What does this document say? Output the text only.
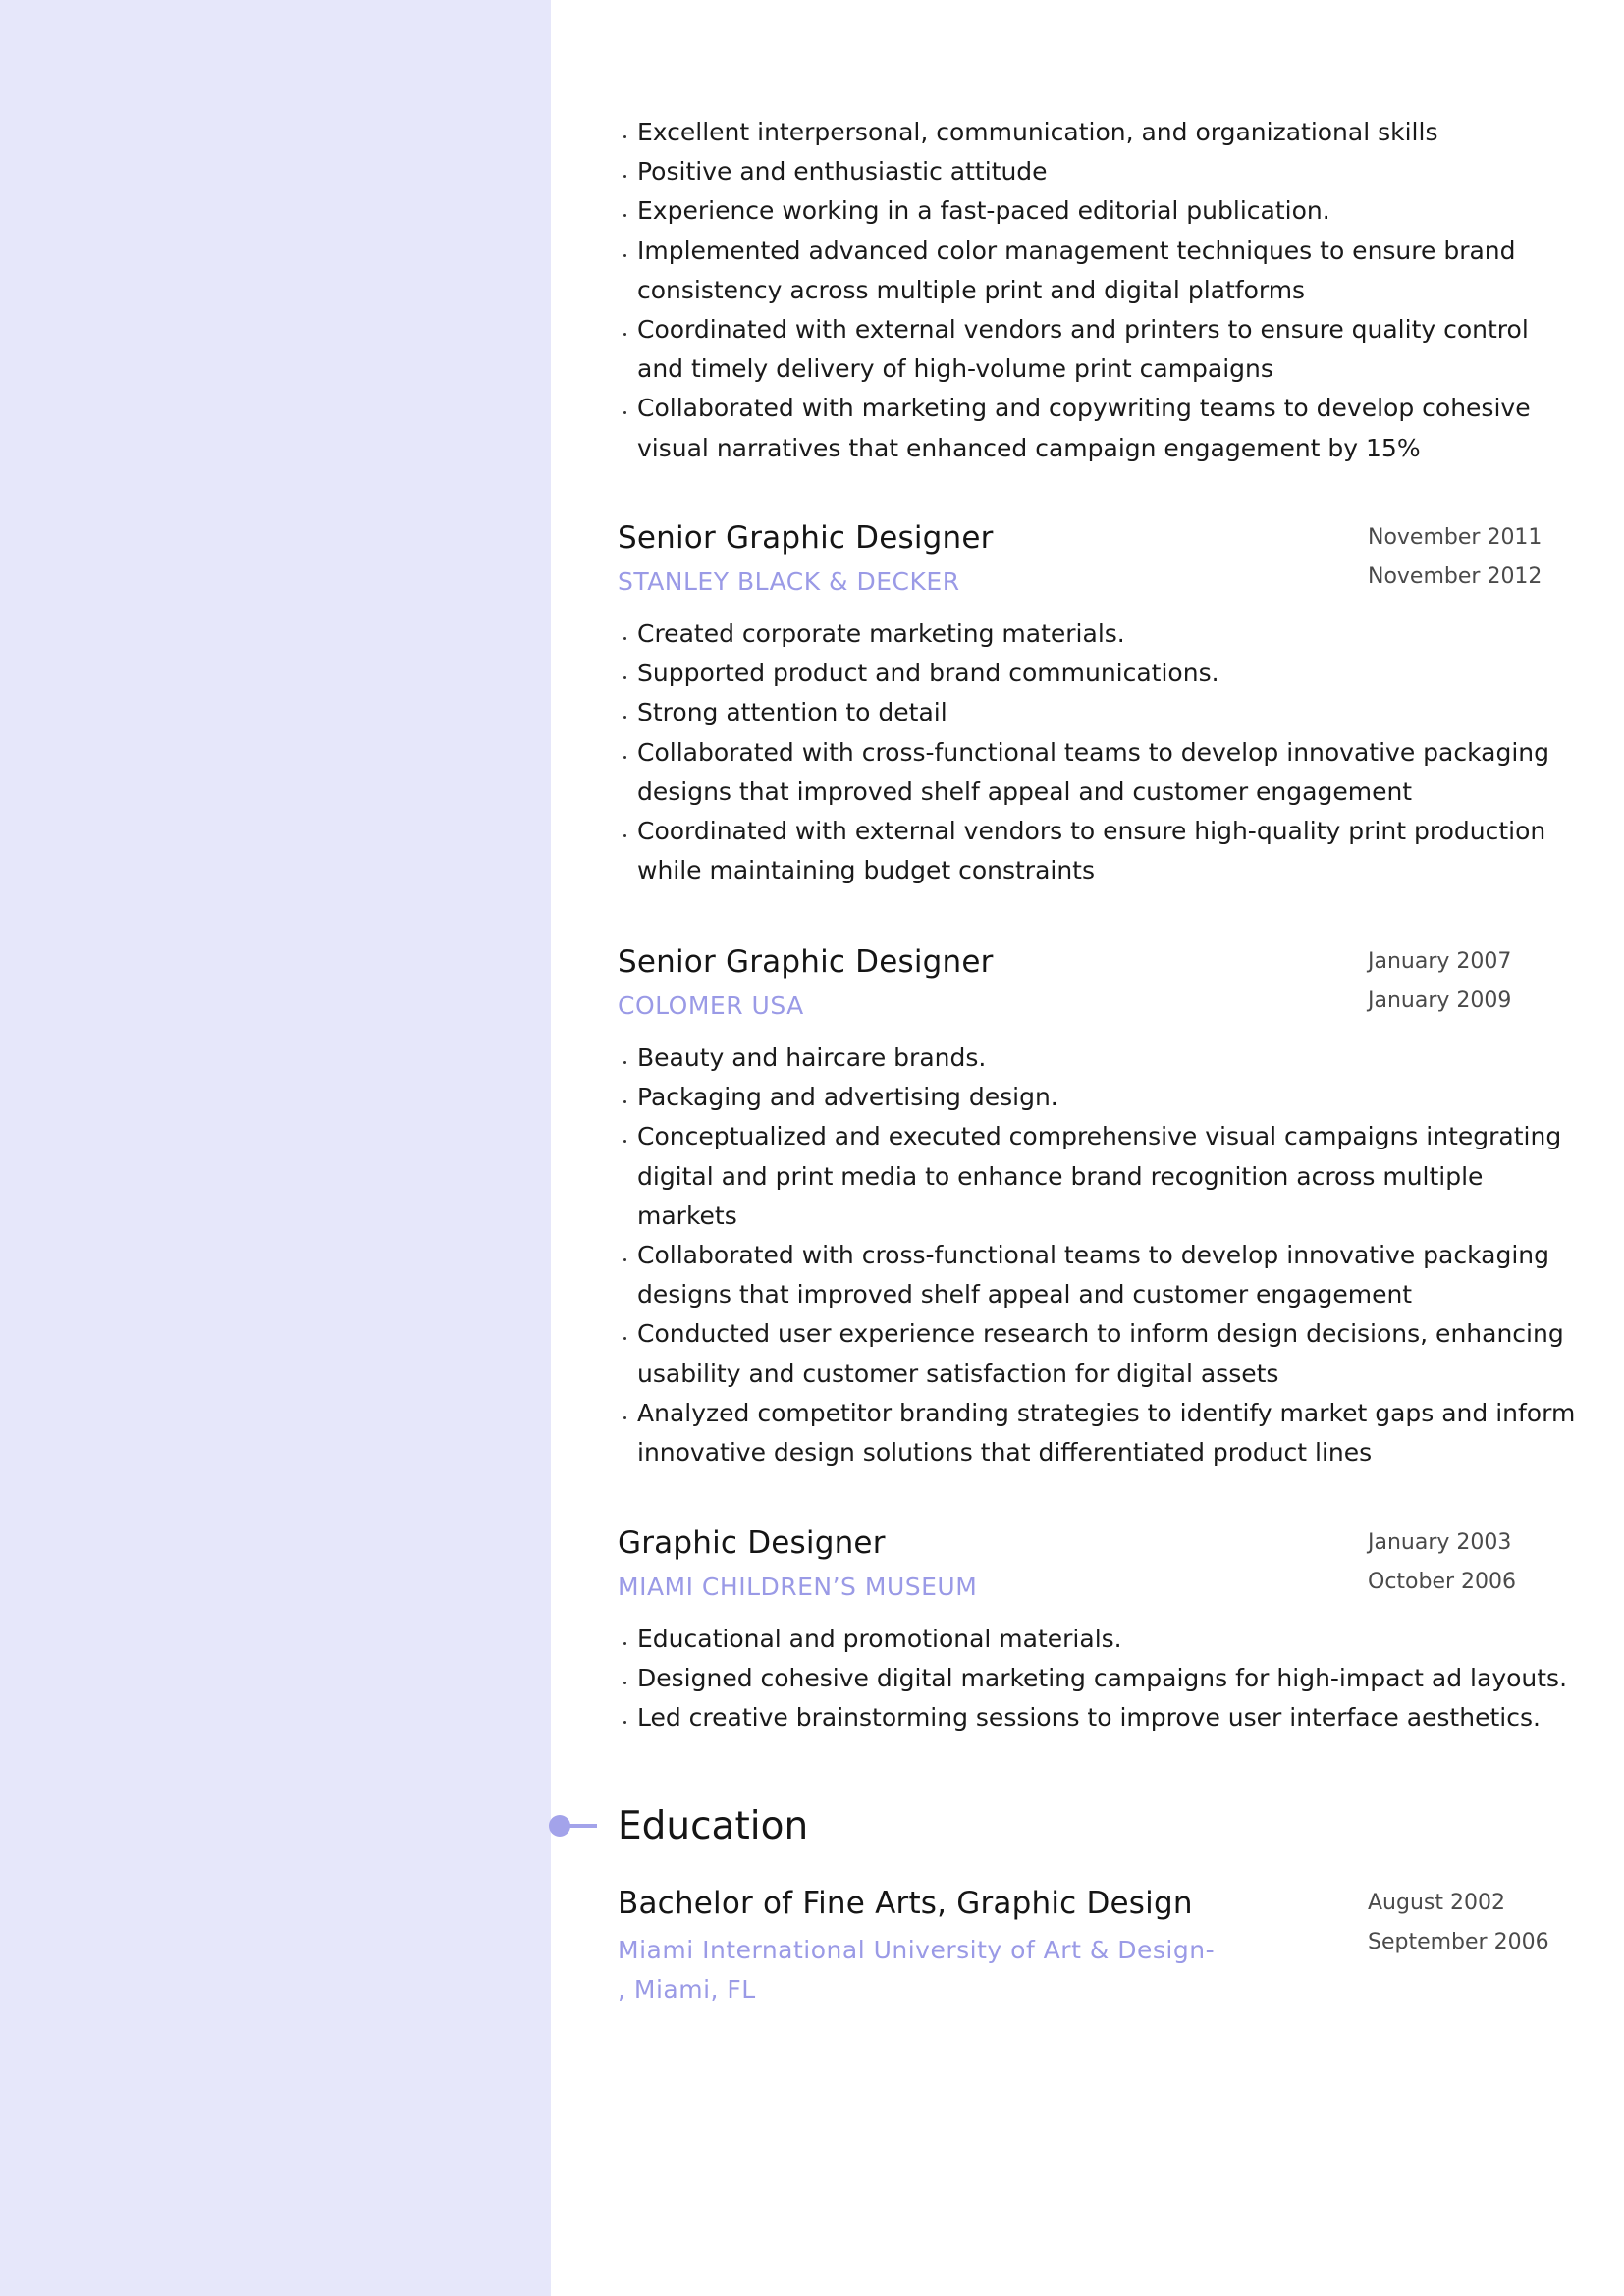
Excellent interpersonal, communication, and organizational skills
Positive and enthusiastic attitude
Experience working in a fast-paced editorial publication.
Implemented advanced color management techniques to ensure brand consistency across multiple print and digital platforms
Coordinated with external vendors and printers to ensure quality control and timely delivery of high-volume print campaigns
Collaborated with marketing and copywriting teams to develop cohesive visual narratives that enhanced campaign engagement by 15%
Senior Graphic Designer
STANLEY BLACK & DECKER
November 2011
November 2012
Created corporate marketing materials.
Supported product and brand communications.
Strong attention to detail
Collaborated with cross-functional teams to develop innovative packaging designs that improved shelf appeal and customer engagement
Coordinated with external vendors to ensure high-quality print production while maintaining budget constraints
Senior Graphic Designer
COLOMER USA
January 2007
January 2009
Beauty and haircare brands.
Packaging and advertising design.
Conceptualized and executed comprehensive visual campaigns integrating digital and print media to enhance brand recognition across multiple markets
Collaborated with cross-functional teams to develop innovative packaging designs that improved shelf appeal and customer engagement
Conducted user experience research to inform design decisions, enhancing usability and customer satisfaction for digital assets
Analyzed competitor branding strategies to identify market gaps and inform innovative design solutions that differentiated product lines
Graphic Designer
MIAMI CHILDREN’S MUSEUM
January 2003
October 2006
Educational and promotional materials.
Designed cohesive digital marketing campaigns for high-impact ad layouts.
Led creative brainstorming sessions to improve user interface aesthetics.
Education
Bachelor of Fine Arts, Graphic Design
Miami International University of Art & Design-
, Miami, FL
August 2002
September 2006
